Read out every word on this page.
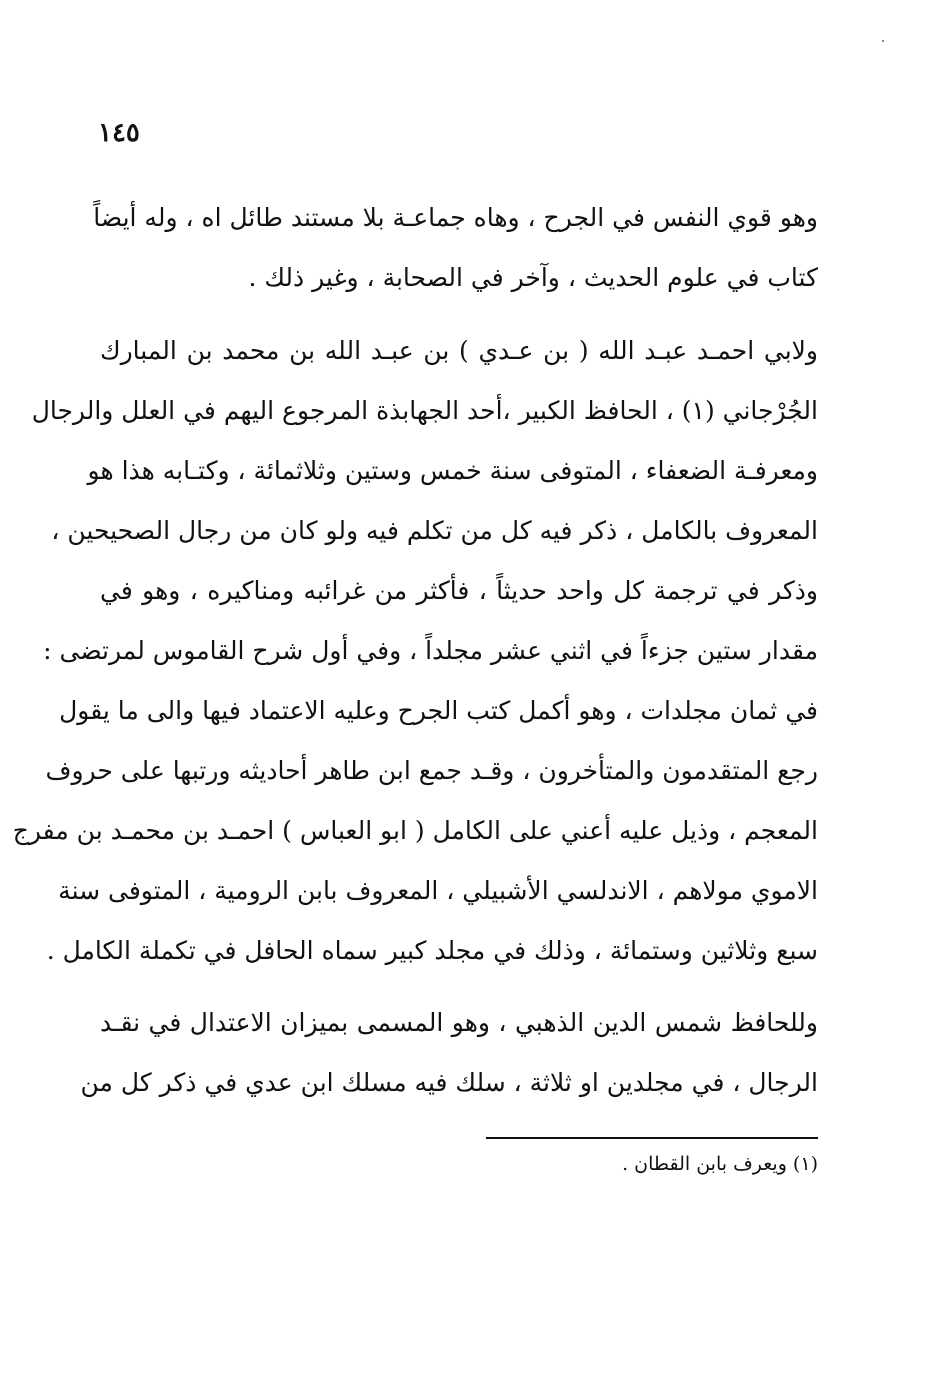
١٤٥
وهو قوي النفس في الجرح ، وهاه جماعـة بلا مستند طائل اه ، وله أيضاً
كتاب في علوم الحديث ، وآخر في الصحابة ، وغير ذلك .
ولابي احمـد عبـد الله ( بن عـدي ) بن عبـد الله بن محمد بن المبارك
الجُرْجاني (١) ، الحافظ الكبير ،أحد الجهابذة المرجوع اليهم في العلل والرجال
ومعرفـة الضعفاء ، المتوفى سنة خمس وستين وثلاثمائة ، وكتـابه هذا هو
المعروف بالكامل ، ذكر فيه كل من تكلم فيه ولو كان من رجال الصحيحين ،
وذكر في ترجمة كل واحد حديثاً ، فأكثر من غرائبه ومناكيره ، وهو في
مقدار ستين جزءاً في اثني عشر مجلداً ، وفي أول شرح القاموس لمرتضى :
في ثمان مجلدات ، وهو أكمل كتب الجرح وعليه الاعتماد فيها والى ما يقول
رجع المتقدمون والمتأخرون ، وقـد جمع ابن طاهر أحاديثه ورتبها على حروف
المعجم ، وذيل عليه أعني على الكامل ( ابو العباس ) احمـد بن محمـد بن مفرج
الاموي مولاهم ، الاندلسي الأشبيلي ، المعروف بابن الرومية ، المتوفى سنة
سبع وثلاثين وستمائة ، وذلك في مجلد كبير سماه الحافل في تكملة الكامل .
وللحافظ شمس الدين الذهبي ، وهو المسمى بميزان الاعتدال في نقـد
الرجال ، في مجلدين او ثلاثة ، سلك فيه مسلك ابن عدي في ذكر كل من
(١) ويعرف بابن القطان .
